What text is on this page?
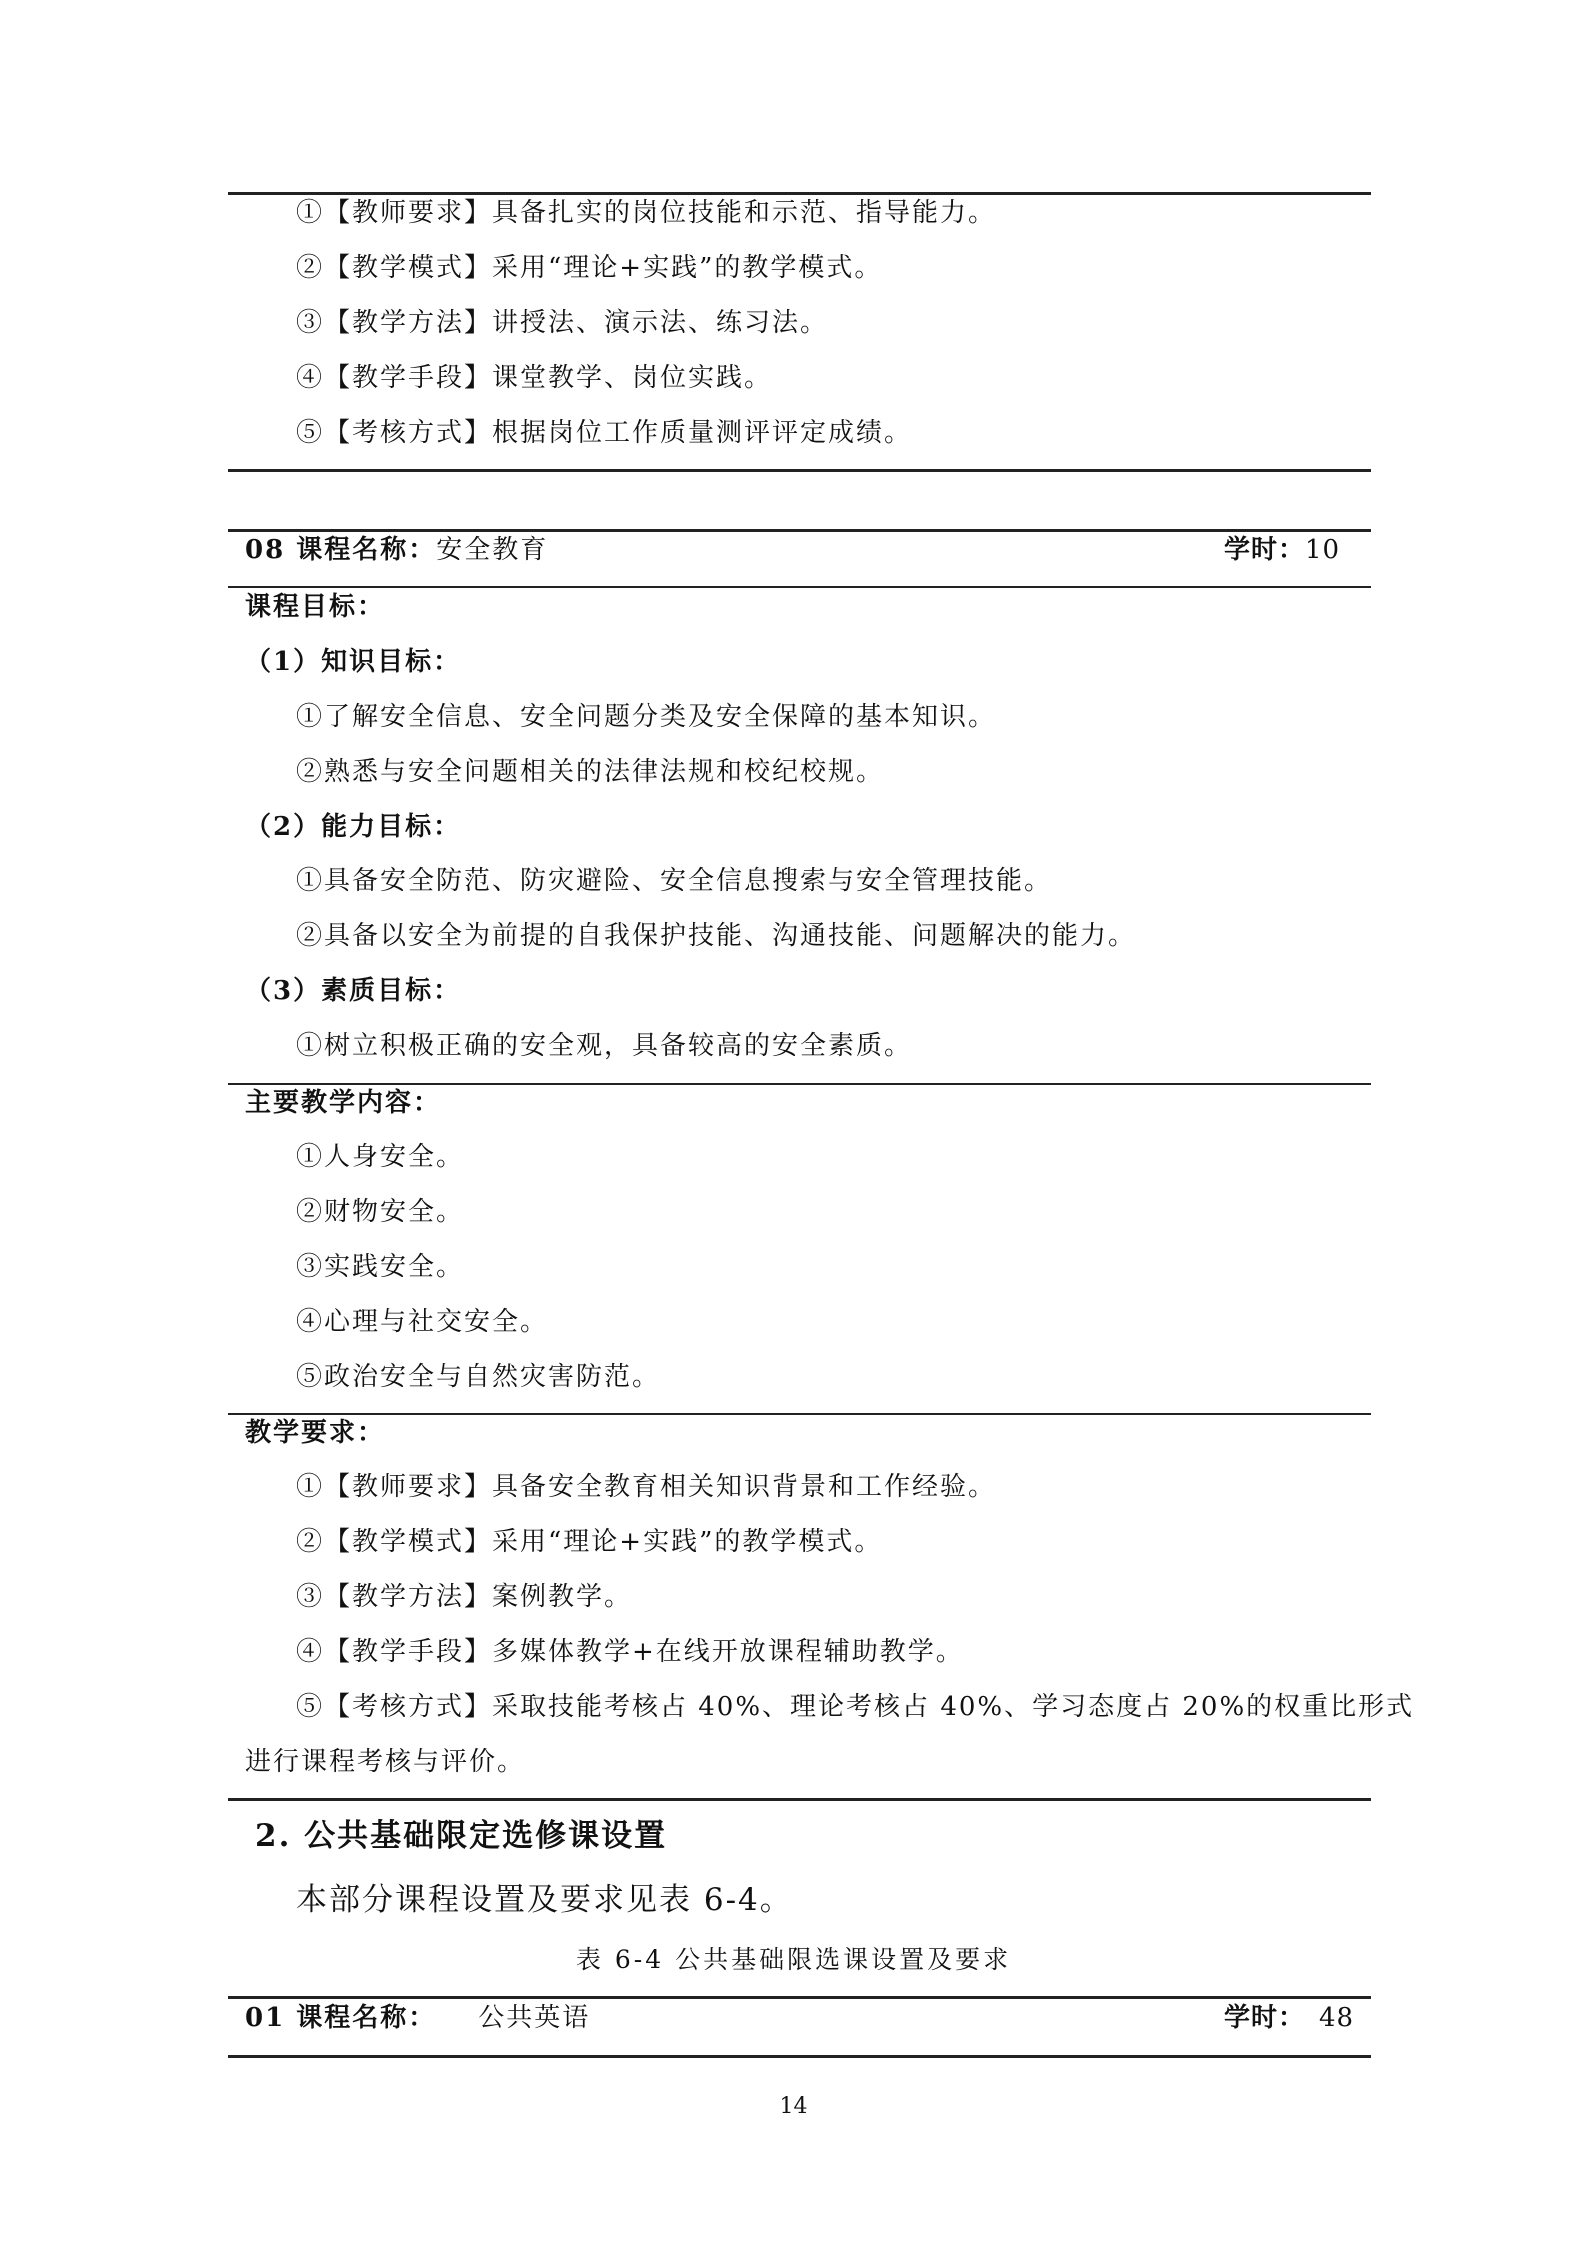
①【教师要求】具备扎实的岗位技能和示范、指导能力。
②【教学模式】采用“理论+实践”的教学模式。
③【教学方法】讲授法、演示法、练习法。
④【教学手段】课堂教学、岗位实践。
⑤【考核方式】根据岗位工作质量测评评定成绩。
08 课程名称：安全教育	学时：10
课程目标：
（1）知识目标：
①了解安全信息、安全问题分类及安全保障的基本知识。
②熟悉与安全问题相关的法律法规和校纪校规。
（2）能力目标：
①具备安全防范、防灾避险、安全信息搜索与安全管理技能。
②具备以安全为前提的自我保护技能、沟通技能、问题解决的能力。
（3）素质目标：
①树立积极正确的安全观，具备较高的安全素质。
主要教学内容：
①人身安全。
②财物安全。
③实践安全。
④心理与社交安全。
⑤政治安全与自然灾害防范。
教学要求：
①【教师要求】具备安全教育相关知识背景和工作经验。
②【教学模式】采用“理论+实践”的教学模式。
③【教学方法】案例教学。
④【教学手段】多媒体教学+在线开放课程辅助教学。
⑤【考核方式】采取技能考核占 40%、理论考核占 40%、学习态度占 20%的权重比形式
进行课程考核与评价。
2. 公共基础限定选修课设置
本部分课程设置及要求见表 6-4。
表 6-4 公共基础限选课设置及要求
01 课程名称： 公共英语	学时： 48
14
